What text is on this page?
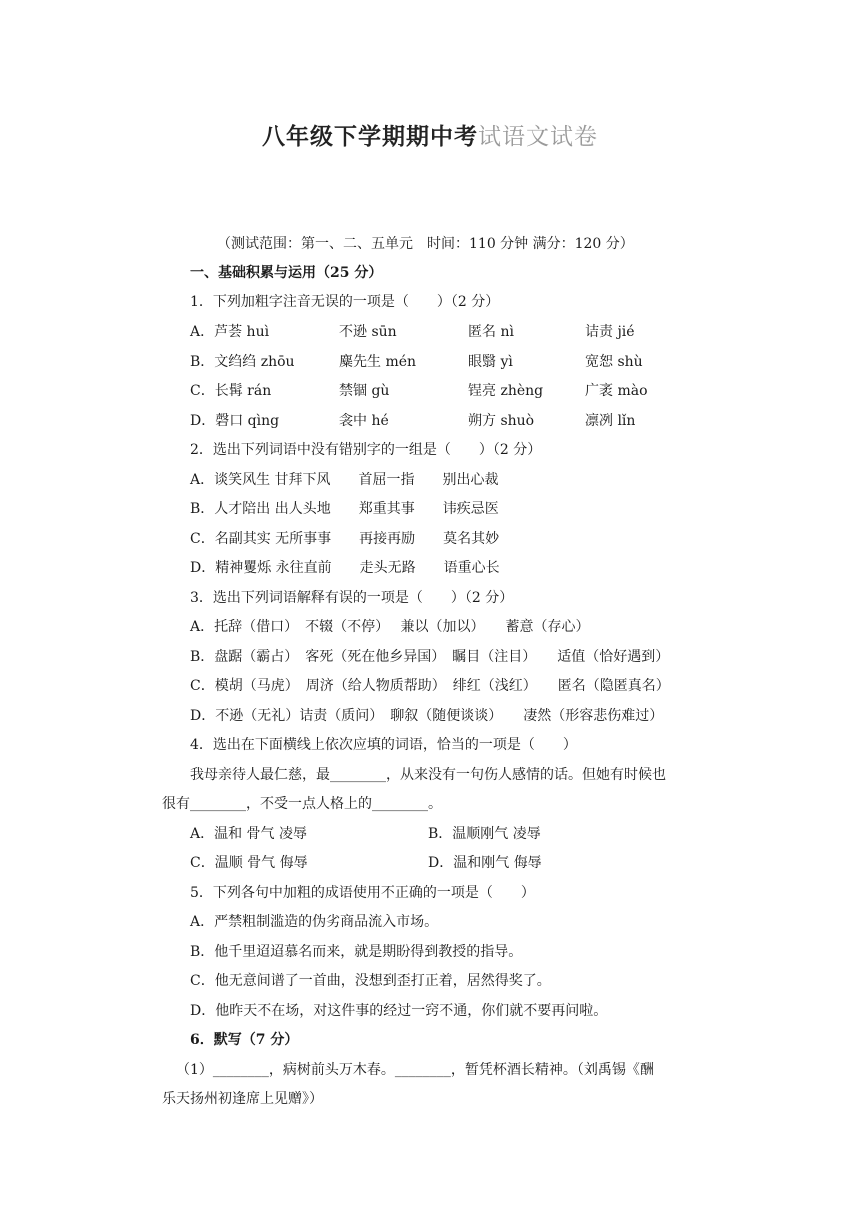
八年级下学期期中考试语文试卷
（测试范围：第一、二、五单元　时间：110 分钟 满分：120 分）
一、基础积累与运用（25 分）
1．下列加粗字注音无误的一项是（　　）（2 分）
A．芦荟 huì	不逊 sūn	匿名 nì	诘责 jié
B．文绉绉 zhōu	麋先生 mén	眼翳 yì	宽恕 shù
C．长髯 rán	禁锢 gù	锃亮 zhèng	广袤 mào
D．磬口 qìng	衾中 hé	朔方 shuò	凛冽 lǐn
2．选出下列词语中没有错别字的一组是（　　）（2 分）
A．谈笑风生 甘拜下风　　首屈一指　　别出心裁
B．人才陪出 出人头地　　郑重其事　　讳疾忌医
C．名副其实 无所事事　　再接再励　　莫名其妙
D．精神矍烁 永往直前　　走头无路　　语重心长
3．选出下列词语解释有误的一项是（　　）（2 分）
A．托辞（借口）　不辍（不停）　 兼以（加以）　　蓄意（存心）
B．盘踞（霸占）　客死（死在他乡异国）　瞩目（注目）　　适值（恰好遇到）
C．模胡（马虎）　周济（给人物质帮助）　绯红（浅红）　　匿名（隐匿真名）
D．不逊（无礼）诘责（质问）　聊叙（随便谈谈）　　凄然（形容悲伤难过）
4．选出在下面横线上依次应填的词语，恰当的一项是（　　）
我母亲待人最仁慈，最________，从来没有一句伤人感情的话。但她有时候也
很有________，不受一点人格上的________。
A．温和 骨气 凌辱	B．温顺刚气 凌辱
C．温顺 骨气 侮辱	D．温和刚气 侮辱
5．下列各句中加粗的成语使用不正确的一项是（　　）
A．严禁粗制滥造的伪劣商品流入市场。
B．他千里迢迢慕名而来，就是期盼得到教授的指导。
C．他无意间谱了一首曲，没想到歪打正着，居然得奖了。
D．他昨天不在场，对这件事的经过一窍不通，你们就不要再问啦。
6．默写（7 分）
（1）________，病树前头万木春。________，暂凭杯酒长精神。（刘禹锡《酬
乐天扬州初逢席上见赠》）
